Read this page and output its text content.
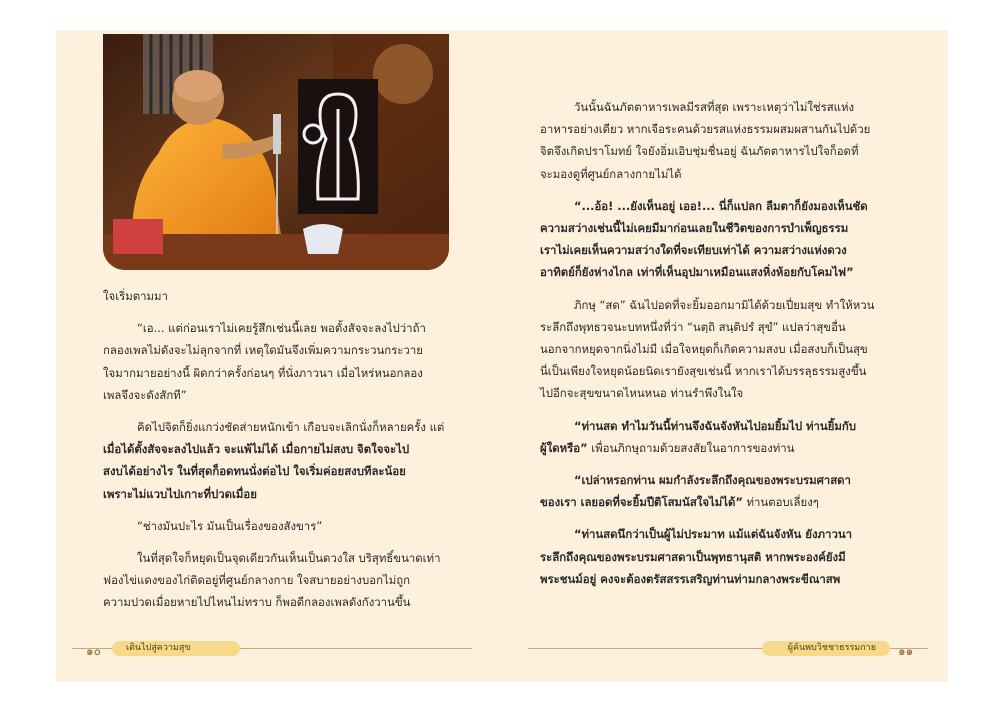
ใจเริ่มตามมา

“เอ... แต่ก่อนเราไม่เคยรู้สึกเช่นนี้เลย พอตั้งสัจจะลงไปว่าถ้า

กลองเพลไม่ดังจะไม่ลุกจากที่ เหตุใดมันจึงเพิ่มความกระวนกระวาย

ใจมากมายอย่างนี้ ผิดกว่าครั้งก่อนๆ ที่นั่งภาวนา เมื่อไหร่หนอกลอง

เพลจึงจะดังสักที”

คิดไปจิตก็ยิ่งแกว่งชัดส่ายหนักเข้า เกือบจะเลิกนั่งก็หลายครั้ง แต่

เมื่อได้ตั้งสัจจะลงไปแล้ว จะแพ้ไม่ได้ เมื่อกายไม่สงบ จิตใจจะไป

สงบได้อย่างไร ในที่สุดก็อดทนนั่งต่อไป ใจเริ่มค่อยสงบทีละน้อย

เพราะไม่แวบไปเกาะที่ปวดเมื่อย

“ช่างมันปะไร มันเป็นเรื่องของสังขาร”

ในที่สุดใจก็หยุดเป็นจุดเดียวกันเห็นเป็นดวงใส บริสุทธิ์ขนาดเท่า

ฟองไข่แดงของไก่ติดอยู่ที่ศูนย์กลางกาย ใจสบายอย่างบอกไม่ถูก

ความปวดเมื่อยหายไปไหนไม่ทราบ ก็พอดีกลองเพลดังกังวานขึ้น

วันนั้นฉันภัตตาหารเพลมีรสที่สุด เพราะเหตุว่าไม่ใช่รสแห่ง

อาหารอย่างเดียว หากเจือระคนด้วยรสแห่งธรรมผสมผสานกันไปด้วย

จิตจึงเกิดปราโมทย์ ใจยังอิ่มเอิบชุ่มชื่นอยู่ ฉันภัตตาหารไปใจก็อดที่

จะมองดูที่ศูนย์กลางกายไม่ได้

“...อ้อ! ...ยังเห็นอยู่ เออ!... นี่ก็แปลก ลืมตาก็ยังมองเห็นชัด

ความสว่างเช่นนี้ไม่เคยมีมาก่อนเลยในชีวิตของการบำเพ็ญธรรม

เราไม่เคยเห็นความสว่างใดที่จะเทียบเท่าได้ ความสว่างแห่งดวง

อาทิตย์ก็ยังห่างไกล เท่าที่เห็นอุปมาเหมือนแสงหิ่งห้อยกับโคมไฟ”

ภิกษุ “สด” ฉันไปอดที่จะยิ้มออกมามิได้ด้วยเปี่ยมสุข ทำให้หวน

ระลึกถึงพุทธวจนะบทหนึ่งที่ว่า “นตฺถิ สนฺติปรํ สุขํ” แปลว่าสุขอื่น

นอกจากหยุดจากนิ่งไม่มี เมื่อใจหยุดก็เกิดความสงบ เมื่อสงบก็เป็นสุข

นี่เป็นเพียงใจหยุดน้อยนิดเรายังสุขเช่นนี้ หากเราได้บรรลุธรรมสูงขึ้น

ไปอีกจะสุขขนาดไหนหนอ ท่านรำพึงในใจ

“ท่านสด ทำไมวันนี้ท่านจึงฉันจังหันไปอมยิ้มไป ท่านยิ้มกับ

ผู้ใดหรือ” เพื่อนภิกษุถามด้วยสงสัยในอาการของท่าน

“เปล่าหรอกท่าน ผมกำลังระลึกถึงคุณของพระบรมศาสดา

ของเรา เลยอดที่จะยิ้มปีติโสมนัสใจไม่ได้” ท่านตอบเลี่ยงๆ

“ท่านสดนึกว่าเป็นผู้ไม่ประมาท แม้แต่ฉันจังหัน ยังภาวนา

ระลึกถึงคุณของพระบรมศาสดาเป็นพุทธานุสติ หากพระองค์ยังมี

พระชนม์อยู่ คงจะต้องตรัสสรรเสริญท่านท่ามกลางพระขีณาสพ

๑๐	เดินไปสู่ความสุข	ผู้ค้นพบวิชชาธรรมกาย	๑๑
